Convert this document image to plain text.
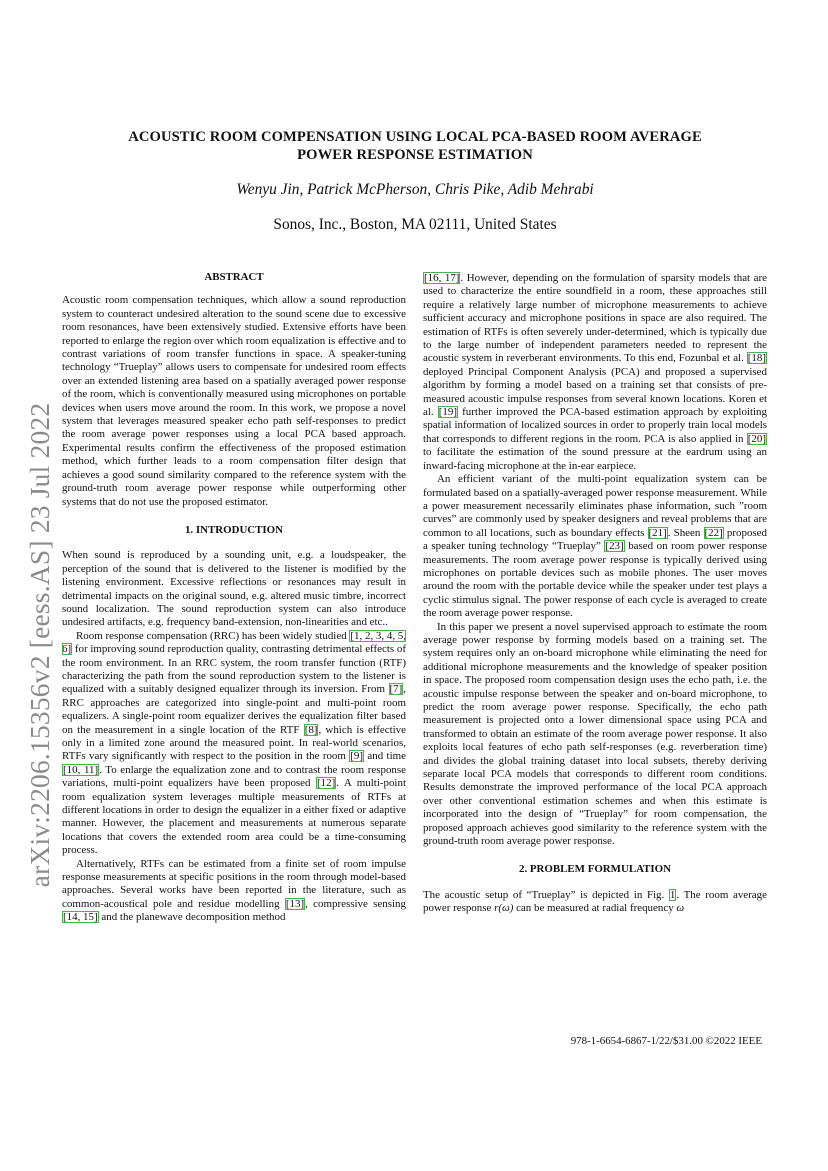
arXiv:2206.15356v2 [eess.AS] 23 Jul 2022
ACOUSTIC ROOM COMPENSATION USING LOCAL PCA-BASED ROOM AVERAGE
POWER RESPONSE ESTIMATION

Wenyu Jin, Patrick McPherson, Chris Pike, Adib Mehrabi

Sonos, Inc., Boston, MA 02111, United States

ABSTRACT

Acoustic room compensation techniques, which allow a sound reproduction system to counteract undesired alteration to the sound scene due to excessive room resonances, have been extensively studied. Extensive efforts have been reported to enlarge the region over which room equalization is effective and to contrast variations of room transfer functions in space. A speaker-tuning technology “Trueplay” allows users to compensate for undesired room effects over an extended listening area based on a spatially averaged power response of the room, which is conventionally measured using microphones on portable devices when users move around the room. In this work, we propose a novel system that leverages measured speaker echo path self-responses to predict the room average power responses using a local PCA based approach. Experimental results confirm the effectiveness of the proposed estimation method, which further leads to a room compensation filter design that achieves a good sound similarity compared to the reference system with the ground-truth room average power response while outperforming other systems that do not use the proposed estimator.

1. INTRODUCTION

When sound is reproduced by a sounding unit, e.g. a loudspeaker, the perception of the sound that is delivered to the listener is modified by the listening environment. Excessive reflections or resonances may result in detrimental impacts on the original sound, e.g. altered music timbre, incorrect sound localization. The sound reproduction system can also introduce undesired artifacts, e.g. frequency band-extension, non-linearities and etc..

Room response compensation (RRC) has been widely studied [1, 2, 3, 4, 5, 6] for improving sound reproduction quality, contrasting detrimental effects of the room environment. In an RRC system, the room transfer function (RTF) characterizing the path from the sound reproduction system to the listener is equalized with a suitably designed equalizer through its inversion. From [7], RRC approaches are categorized into single-point and multi-point room equalizers. A single-point room equalizer derives the equalization filter based on the measurement in a single location of the RTF [8], which is effective only in a limited zone around the measured point. In real-world scenarios, RTFs vary significantly with respect to the position in the room [9] and time [10, 11]. To enlarge the equalization zone and to contrast the room response variations, multi-point equalizers have been proposed [12]. A multi-point room equalization system leverages multiple measurements of RTFs at different locations in order to design the equalizer in a either fixed or adaptive manner. However, the placement and measurements at numerous separate locations that covers the extended room area could be a time-consuming process.

Alternatively, RTFs can be estimated from a finite set of room impulse response measurements at specific positions in the room through model-based approaches. Several works have been reported in the literature, such as common-acoustical pole and residue modelling [13], compressive sensing [14, 15] and the planewave decomposition method

[16, 17]. However, depending on the formulation of sparsity models that are used to characterize the entire soundfield in a room, these approaches still require a relatively large number of microphone measurements to achieve sufficient accuracy and microphone positions in space are also required. The estimation of RTFs is often severely under-determined, which is typically due to the large number of independent parameters needed to represent the acoustic system in reverberant environments. To this end, Fozunbal et al. [18] deployed Principal Component Analysis (PCA) and proposed a supervised algorithm by forming a model based on a training set that consists of pre-measured acoustic impulse responses from several known locations. Koren et al. [19] further improved the PCA-based estimation approach by exploiting spatial information of localized sources in order to properly train local models that corresponds to different regions in the room. PCA is also applied in [20] to facilitate the estimation of the sound pressure at the eardrum using an inward-facing microphone at the in-ear earpiece.

An efficient variant of the multi-point equalization system can be formulated based on a spatially-averaged power response measurement. While a power measurement necessarily eliminates phase information, such ”room curves” are commonly used by speaker designers and reveal problems that are common to all locations, such as boundary effects [21]. Sheen [22] proposed a speaker tuning technology “Trueplay” [23] based on room power response measurements. The room average power response is typically derived using microphones on portable devices such as mobile phones. The user moves around the room with the portable device while the speaker under test plays a cyclic stimulus signal. The power response of each cycle is averaged to create the room average power response.

In this paper we present a novel supervised approach to estimate the room average power response by forming models based on a training set. The system requires only an on-board microphone while eliminating the need for additional microphone measurements and the knowledge of speaker position in space. The proposed room compensation design uses the echo path, i.e. the acoustic impulse response between the speaker and on-board microphone, to predict the room average power response. Specifically, the echo path measurement is projected onto a lower dimensional space using PCA and transformed to obtain an estimate of the room average power response. It also exploits local features of echo path self-responses (e.g. reverberation time) and divides the global training dataset into local subsets, thereby deriving separate local PCA models that corresponds to different room conditions. Results demonstrate the improved performance of the local PCA approach over other conventional estimation schemes and when this estimate is incorporated into the design of “Trueplay” for room compensation, the proposed approach achieves good similarity to the reference system with the ground-truth room average power response.

2. PROBLEM FORMULATION

The acoustic setup of “Trueplay” is depicted in Fig. 1. The room average power response r(ω) can be measured at radial frequency ω

978-1-6654-6867-1/22/$31.00 ©2022 IEEE
